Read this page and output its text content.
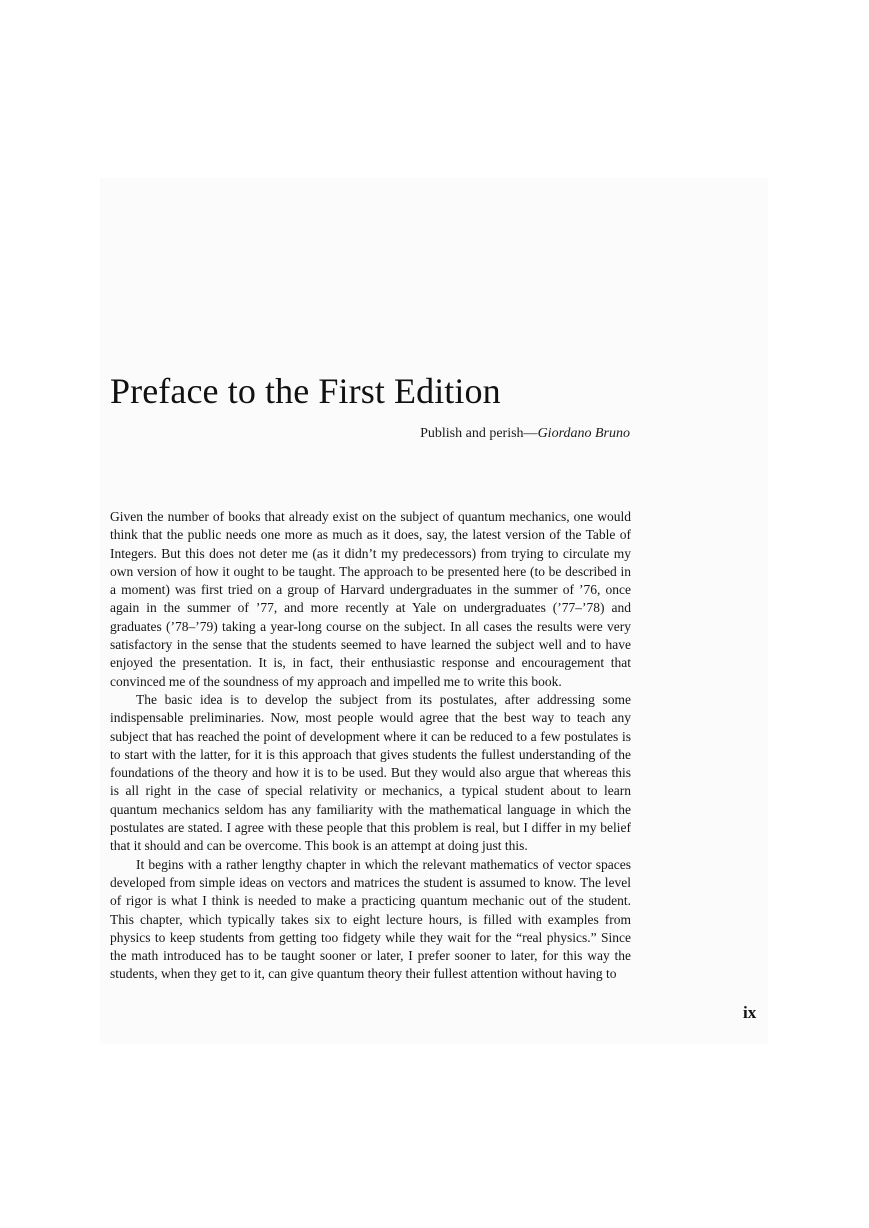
Preface to the First Edition
Publish and perish—Giordano Bruno

Given the number of books that already exist on the subject of quantum mechanics, one would think that the public needs one more as much as it does, say, the latest version of the Table of Integers. But this does not deter me (as it didn’t my predecessors) from trying to circulate my own version of how it ought to be taught. The approach to be presented here (to be described in a moment) was first tried on a group of Harvard undergraduates in the summer of ’76, once again in the summer of ’77, and more recently at Yale on undergraduates (’77–’78) and graduates (’78–’79) taking a year-long course on the subject. In all cases the results were very satisfactory in the sense that the students seemed to have learned the subject well and to have enjoyed the presentation. It is, in fact, their enthusiastic response and encouragement that convinced me of the soundness of my approach and impelled me to write this book.

The basic idea is to develop the subject from its postulates, after addressing some indispensable preliminaries. Now, most people would agree that the best way to teach any subject that has reached the point of development where it can be reduced to a few postulates is to start with the latter, for it is this approach that gives students the fullest understanding of the foundations of the theory and how it is to be used. But they would also argue that whereas this is all right in the case of special relativity or mechanics, a typical student about to learn quantum mechanics seldom has any familiarity with the mathematical language in which the postulates are stated. I agree with these people that this problem is real, but I differ in my belief that it should and can be overcome. This book is an attempt at doing just this.

It begins with a rather lengthy chapter in which the relevant mathematics of vector spaces developed from simple ideas on vectors and matrices the student is assumed to know. The level of rigor is what I think is needed to make a practicing quantum mechanic out of the student. This chapter, which typically takes six to eight lecture hours, is filled with examples from physics to keep students from getting too fidgety while they wait for the “real physics.” Since the math introduced has to be taught sooner or later, I prefer sooner to later, for this way the students, when they get to it, can give quantum theory their fullest attention without having to

ix
